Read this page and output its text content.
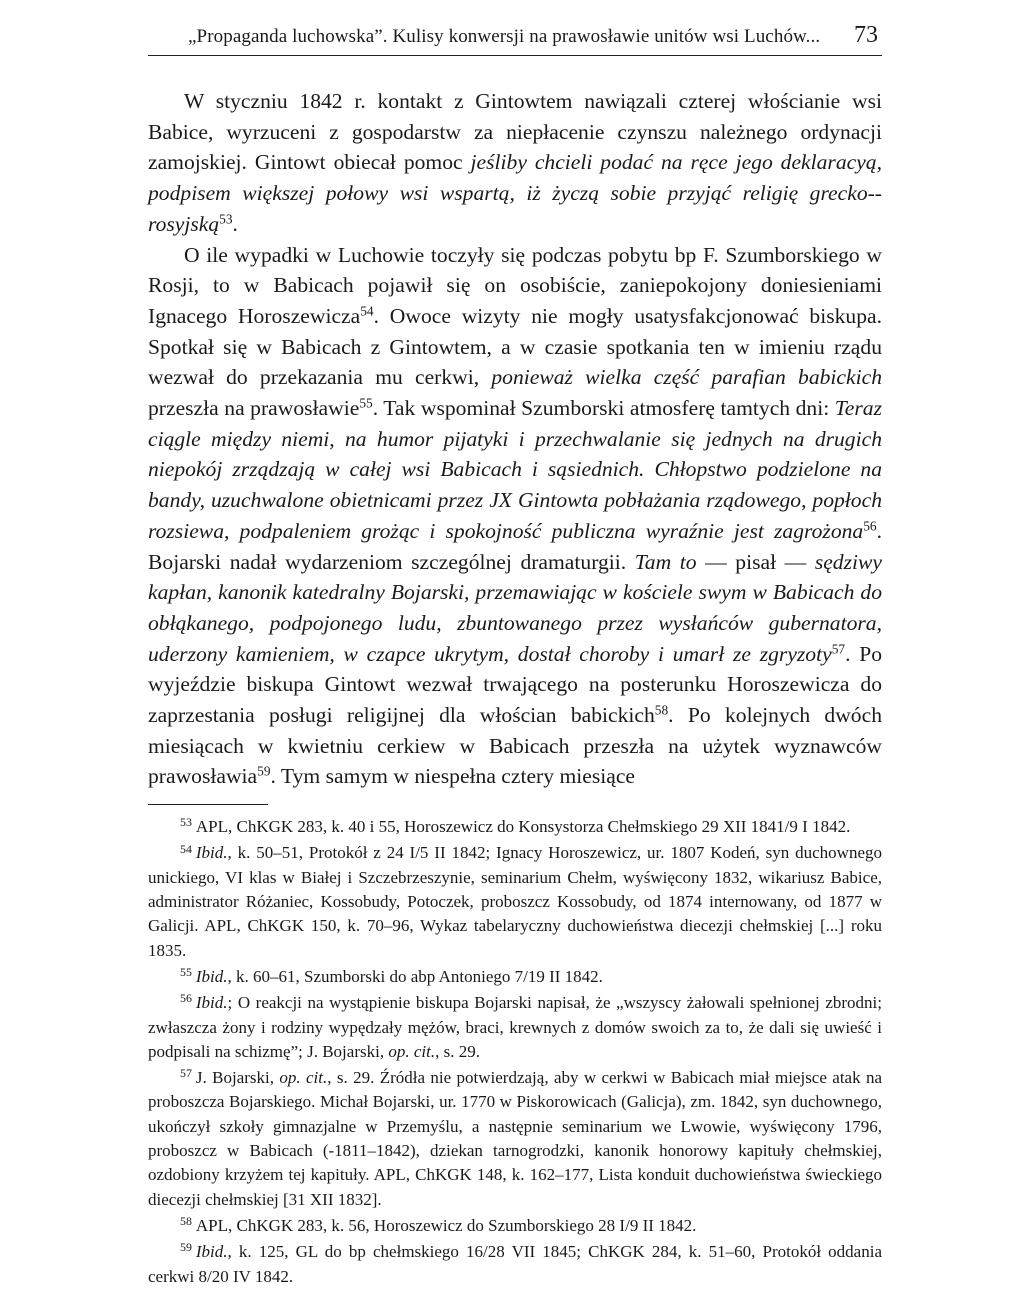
„Propaganda luchowska”. Kulisy konwersji na prawosławie unitów wsi Luchów... 73

W styczniu 1842 r. kontakt z Gintowtem nawiązali czterej włościanie wsi Babice, wyrzuceni z gospodarstw za niepłacenie czynszu należnego ordynacji zamojskiej. Gintowt obiecał pomoc jeśliby chcieli podać na ręce jego deklaracyą, podpisem większej połowy wsi wspartą, iż życzą sobie przyjąć religię grecko--rosyjską$^{53}$.

O ile wypadki w Luchowie toczyły się podczas pobytu bp F. Szumborskiego w Rosji, to w Babicach pojawił się on osobiście, zaniepokojony doniesieniami Ignacego Horoszewicza$^{54}$. Owoce wizyty nie mogły usatysfakcjonować biskupa. Spotkał się w Babicach z Gintowtem, a w czasie spotkania ten w imieniu rządu wezwał do przekazania mu cerkwi, ponieważ wielka część parafian babickich przeszła na prawosławie$^{55}$. Tak wspominał Szumborski atmosferę tamtych dni: Teraz ciągle między niemi, na humor pijatyki i przechwalanie się jednych na drugich niepokój zrządzają w całej wsi Babicach i sąsiednich. Chłopstwo podzielone na bandy, uzuchwalone obietnicami przez JX Gintowta pobłażania rządowego, popłoch rozsiewa, podpaleniem grożąc i spokojność publiczna wyraźnie jest zagrożona$^{56}$. Bojarski nadał wydarzeniom szczególnej dramaturgii. Tam to — pisał — sędziwy kapłan, kanonik katedralny Bojarski, przemawiając w kościele swym w Babicach do obłąkanego, podpojonego ludu, zbuntowanego przez wysłańców gubernatora, uderzony kamieniem, w czapce ukrytym, dostał choroby i umarł ze zgryzoty$^{57}$. Po wyjeździe biskupa Gintowt wezwał trwającego na posterunku Horoszewicza do zaprzestania posługi religijnej dla włościan babickich$^{58}$. Po kolejnych dwóch miesiącach w kwietniu cerkiew w Babicach przeszła na użytek wyznawców prawosławia$^{59}$. Tym samym w niespełna cztery miesiące

$^{53}$ APL, ChKGK 283, k. 40 i 55, Horoszewicz do Konsystorza Chełmskiego 29 XII 1841/9 I 1842.

$^{54}$ Ibid., k. 50–51, Protokół z 24 I/5 II 1842; Ignacy Horoszewicz, ur. 1807 Kodeń, syn duchownego unickiego, VI klas w Białej i Szczebrzeszynie, seminarium Chełm, wyświęcony 1832, wikariusz Babice, administrator Różaniec, Kossobudy, Potoczek, proboszcz Kossobudy, od 1874 internowany, od 1877 w Galicji. APL, ChKGK 150, k. 70–96, Wykaz tabelaryczny duchowieństwa diecezji chełmskiej [...] roku 1835.

$^{55}$ Ibid., k. 60–61, Szumborski do abp Antoniego 7/19 II 1842.

$^{56}$ Ibid.; O reakcji na wystąpienie biskupa Bojarski napisał, że „wszyscy żałowali spełnionej zbrodni; zwłaszcza żony i rodziny wypędzały mężów, braci, krewnych z domów swoich za to, że dali się uwieść i podpisali na schizmę”; J. Bojarski, op. cit., s. 29.

$^{57}$ J. Bojarski, op. cit., s. 29. Źródła nie potwierdzają, aby w cerkwi w Babicach miał miejsce atak na proboszcza Bojarskiego. Michał Bojarski, ur. 1770 w Piskorowicach (Galicja), zm. 1842, syn duchownego, ukończył szkoły gimnazjalne w Przemyślu, a następnie seminarium we Lwowie, wyświęcony 1796, proboszcz w Babicach (-1811–1842), dziekan tarnogrodzki, kanonik honorowy kapituły chełmskiej, ozdobiony krzyżem tej kapituły. APL, ChKGK 148, k. 162–177, Lista konduit duchowieństwa świeckiego diecezji chełmskiej [31 XII 1832].

$^{58}$ APL, ChKGK 283, k. 56, Horoszewicz do Szumborskiego 28 I/9 II 1842.

$^{59}$ Ibid., k. 125, GL do bp chełmskiego 16/28 VII 1845; ChKGK 284, k. 51–60, Protokół oddania cerkwi 8/20 IV 1842.
